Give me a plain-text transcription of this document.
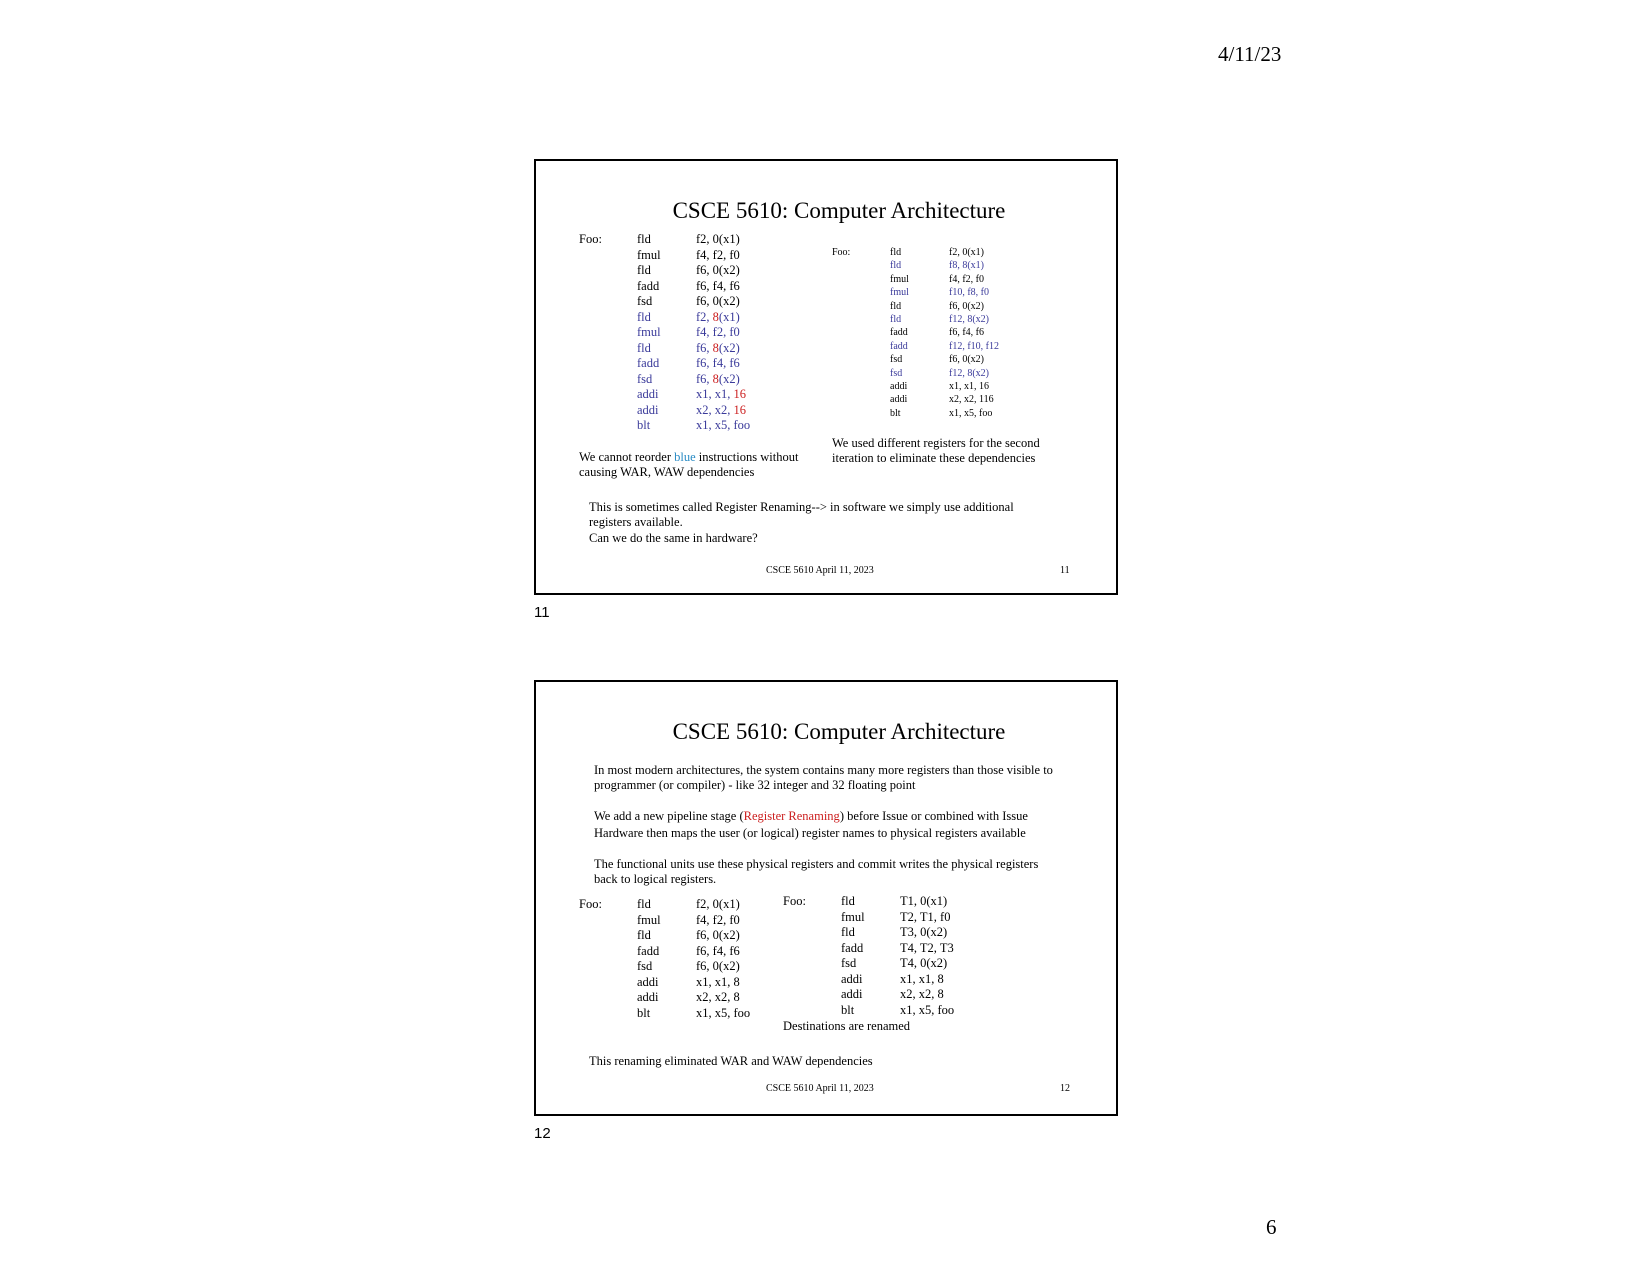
4/11/23
CSCE 5610: Computer Architecture
Foo:	fld	f2, 0(x1)
fmul	f4, f2, f0
fld	f6, 0(x2)
fadd	f6, f4, f6
fsd	f6, 0(x2)
fld	f2, 8(x1)
fmul	f4, f2, f0
fld	f6, 8(x2)
fadd	f6, f4, f6
fsd	f6, 8(x2)
addi	x1, x1, 16
addi	x2, x2, 16
blt	x1, x5, foo
Foo:	fld	f2, 0(x1)
fld	f8, 8(x1)
fmul	f4, f2, f0
fmul	f10, f8, f0
fld	f6, 0(x2)
fld	f12, 8(x2)
fadd	f6, f4, f6
fadd	f12, f10, f12
fsd	f6, 0(x2)
fsd	f12, 8(x2)
addi	x1, x1, 16
addi	x2, x2, 116
blt	x1, x5, foo
We cannot reorder blue instructions without causing WAR, WAW dependencies
We used different registers for the second iteration to eliminate these dependencies
This is sometimes called Register Renaming--> in software we simply use additional registers available.
Can we do the same in hardware?
CSCE 5610 April 11, 2023	11
11
CSCE 5610: Computer Architecture
In most modern architectures, the system contains many more registers than those visible to programmer (or compiler) - like 32 integer and 32 floating point
We add a new pipeline stage (Register Renaming) before Issue or combined with Issue
Hardware then maps the user (or logical) register names to physical registers available
The functional units use these physical registers and commit writes the physical registers back to logical registers.
Foo:	fld	f2, 0(x1)
fmul	f4, f2, f0
fld	f6, 0(x2)
fadd	f6, f4, f6
fsd	f6, 0(x2)
addi	x1, x1, 8
addi	x2, x2, 8
blt	x1, x5, foo
Foo:	fld	T1, 0(x1)
fmul	T2, T1, f0
fld	T3, 0(x2)
fadd	T4, T2, T3
fsd	T4, 0(x2)
addi	x1, x1, 8
addi	x2, x2, 8
blt	x1, x5, foo
Destinations are renamed
This renaming eliminated WAR and WAW dependencies
CSCE 5610 April 11, 2023	12
12
6
